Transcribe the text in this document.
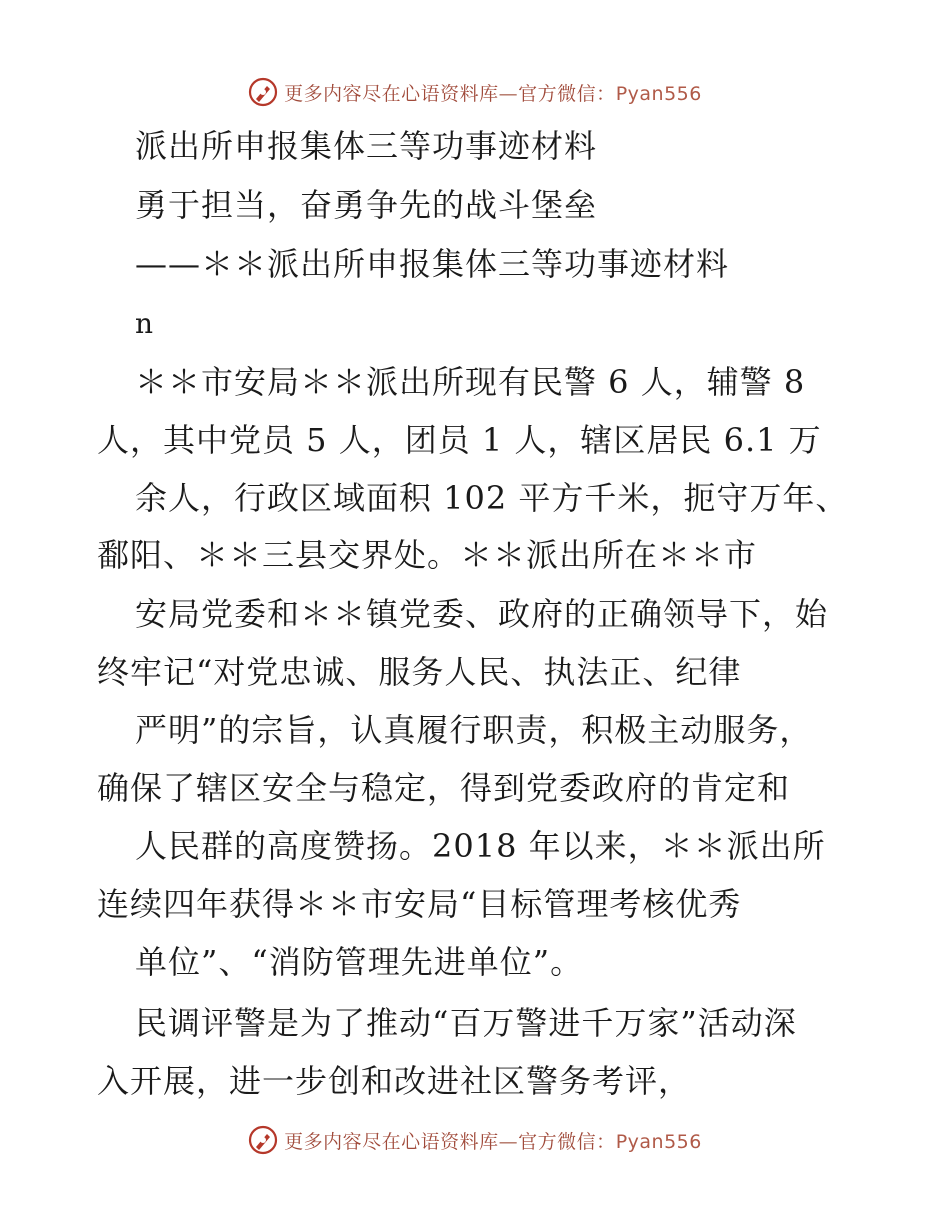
更多内容尽在心语资料库—官方微信：Pyan556
派出所申报集体三等功事迹材料
勇于担当，奋勇争先的战斗堡垒
——＊＊派出所申报集体三等功事迹材料
n
＊＊市安局＊＊派出所现有民警 6 人，辅警 8
人，其中党员 5 人，团员 1 人，辖区居民 6.1 万
余人，行政区域面积 102 平方千米，扼守万年、
鄱阳、＊＊三县交界处。＊＊派出所在＊＊市
安局党委和＊＊镇党委、政府的正确领导下，始
终牢记“对党忠诚、服务人民、执法正、纪律
严明”的宗旨，认真履行职责，积极主动服务，
确保了辖区安全与稳定，得到党委政府的肯定和
人民群的高度赞扬。2018 年以来，＊＊派出所
连续四年获得＊＊市安局“目标管理考核优秀
单位”、“消防管理先进单位”。
民调评警是为了推动“百万警进千万家”活动深
入开展，进一步创和改进社区警务考评，
更多内容尽在心语资料库—官方微信：Pyan556
